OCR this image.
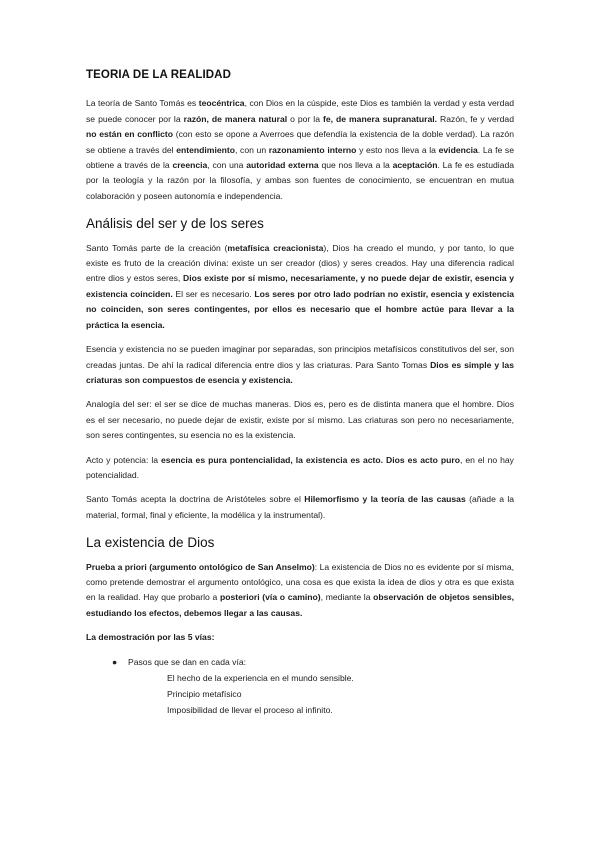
TEORIA DE LA REALIDAD

La teoría de Santo Tomás es teocéntrica, con Dios en la cúspide, este Dios es también la verdad y esta verdad se puede conocer por la razón, de manera natural o por la fe, de manera supranatural. Razón, fe y verdad no están en conflicto (con esto se opone a Averroes que defendía la existencia de la doble verdad). La razón se obtiene a través del entendimiento, con un razonamiento interno y esto nos lleva a la evidencia. La fe se obtiene a través de la creencia, con una autoridad externa que nos lleva a la aceptación. La fe es estudiada por la teología y la razón por la filosofía, y ambas son fuentes de conocimiento, se encuentran en mutua colaboración y poseen autonomía e independencia.

Análisis del ser y de los seres

Santo Tomás parte de la creación (metafísica creacionista), Dios ha creado el mundo, y por tanto, lo que existe es fruto de la creación divina: existe un ser creador (dios) y seres creados. Hay una diferencia radical entre dios y estos seres, Dios existe por sí mismo, necesariamente, y no puede dejar de existir, esencia y existencia coinciden. El ser es necesario. Los seres por otro lado podrían no existir, esencia y existencia no coinciden, son seres contingentes, por ellos es necesario que el hombre actúe para llevar a la práctica la esencia.

Esencia y existencia no se pueden imaginar por separadas, son principios metafísicos constitutivos del ser, son creadas juntas. De ahí la radical diferencia entre dios y las criaturas. Para Santo Tomas Dios es simple y las criaturas son compuestos de esencia y existencia.

Analogía del ser: el ser se dice de muchas maneras. Dios es, pero es de distinta manera que el hombre. Dios es el ser necesario, no puede dejar de existir, existe por sí mismo. Las criaturas son pero no necesariamente, son seres contingentes, su esencia no es la existencia.

Acto y potencia: la esencia es pura pontencialidad, la existencia es acto. Dios es acto puro, en el no hay potencialidad.

Santo Tomás acepta la doctrina de Aristóteles sobre el Hilemorfismo y la teoría de las causas (añade a la material, formal, final y eficiente, la modélica y la instrumental).

La existencia de Dios

Prueba a priori (argumento ontológico de San Anselmo): La existencia de Dios no es evidente por sí misma, como pretende demostrar el argumento ontológico, una cosa es que exista la idea de dios y otra es que exista en la realidad. Hay que probarlo a posteriori (vía o camino), mediante la observación de objetos sensibles, estudiando los efectos, debemos llegar a las causas.

La demostración por las 5 vías:

●	Pasos que se dan en cada vía:
El hecho de la experiencia en el mundo sensible.
Principio metafísico
Imposibilidad de llevar el proceso al infinito.
